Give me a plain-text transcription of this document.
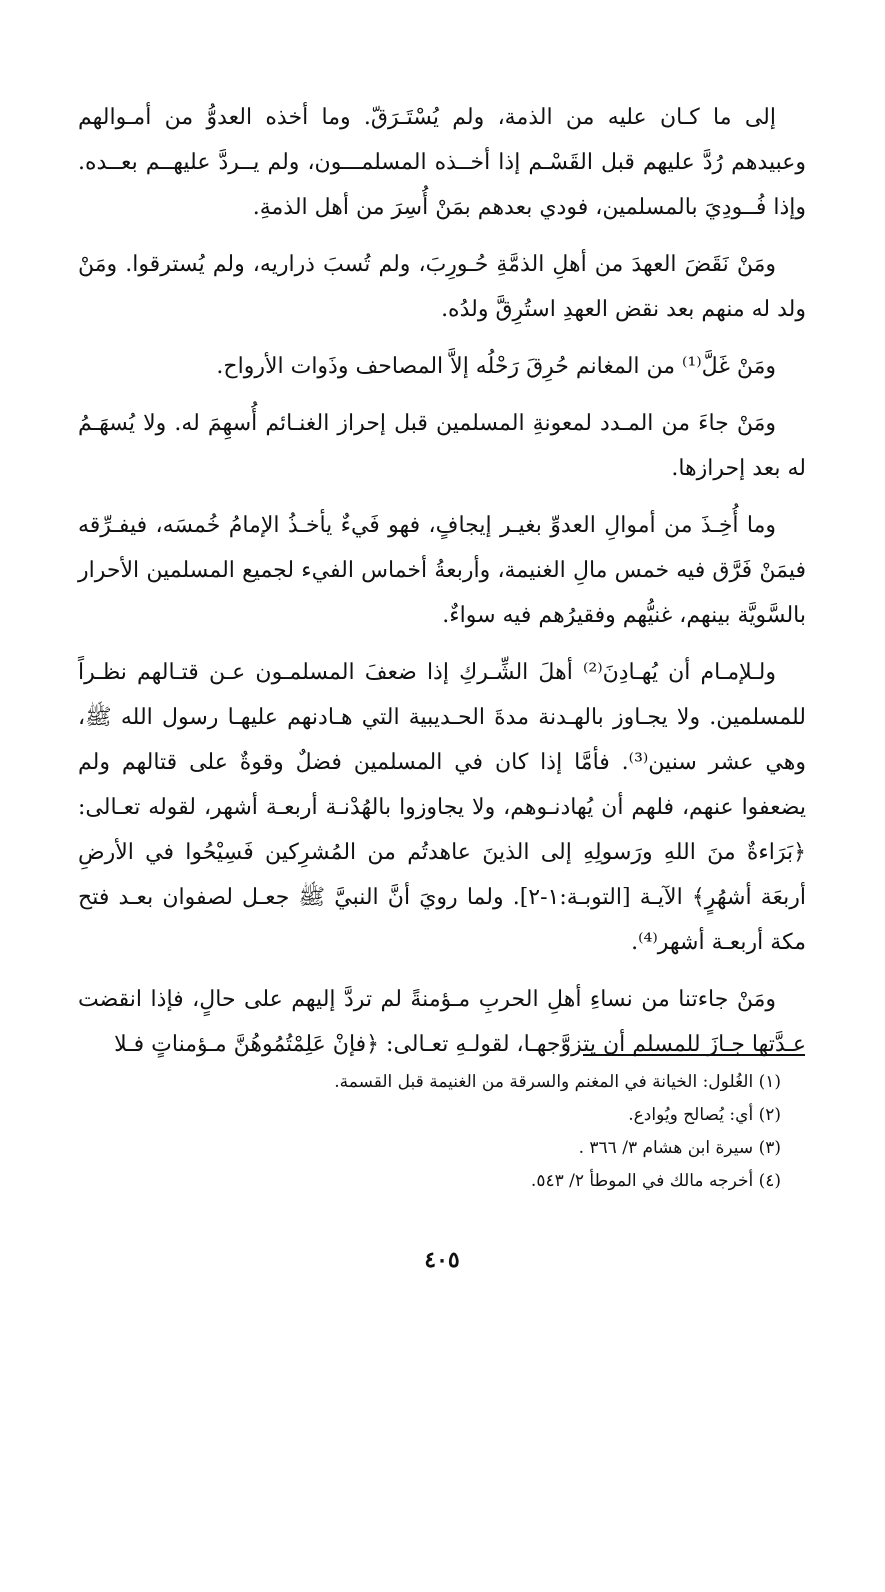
إلى ما كـان عليه من الذمة، ولم يُسْتَـرَقّ. وما أخذه العدوُّ من أمـوالهم وعبيدهم رُدَّ عليهم قبل القَسْـم إذا أخــذه المسلمـــون، ولم يــردَّ عليهــم بعــده. وإذا فُــودِيَ بالمسلمين، فودي بعدهم بمَنْ أُسِرَ من أهل الذمةِ.

ومَنْ نَقَضَ العهدَ من أهلِ الذمَّةِ حُـورِبَ، ولم تُسبَ ذراريه، ولم يُسترقوا. ومَنْ ولد له منهم بعد نقض العهدِ استُرِقَّ ولدُه.

ومَنْ غَلَّ⁽¹⁾ من المغانم حُرِقَ رَحْلُه إلاَّ المصاحف وذَوات الأرواح.

ومَنْ جاءَ من المـدد لمعونةِ المسلمين قبل إحراز الغنـائم أُسهِمَ له. ولا يُسهَـمُ له بعد إحرازها.

وما أُخِـذَ من أموالِ العدوِّ بغيـر إيجافٍ، فهو فَيءٌ يأخـذُ الإمامُ خُمسَه، فيفـرِّقه فيمَنْ فَرَّق فيه خمس مالِ الغنيمة، وأربعةُ أخماس الفيء لجميع المسلمين الأحرار بالسَّويَّة بينهم، غنيُّهم وفقيرُهم فيه سواءٌ.

ولـلإمـام أن يُهـادِنَ⁽²⁾ أهلَ الشِّـركِ إذا ضعفَ المسلمـون عـن قتـالهم نظـراً للمسلمين. ولا يجـاوز بالهـدنة مدةَ الحـديبية التي هـادنهم عليهـا رسول الله ﷺ، وهي عشر سنين⁽³⁾. فأمَّا إذا كان في المسلمين فضلٌ وقوةٌ على قتالهم ولم يضعفوا عنهم، فلهم أن يُهادنـوهم، ولا يجاوزوا بالهُدْنـة أربعـة أشهر، لقوله تعـالى: ﴿بَرَاءةٌ منَ اللهِ ورَسولِهِ إلى الذينَ عاهدتُم من المُشرِكين فَسِيْحُوا في الأرضِ أربعَة أشهُرٍ﴾ الآيـة [التوبـة:١-٢]. ولما رويَ أنَّ النبيَّ ﷺ جعـل لصفوان بعـد فتح مكة أربعـة أشهر⁽⁴⁾.

ومَنْ جاءتنا من نساءِ أهلِ الحربِ مـؤمنةً لم تردَّ إليهم على حالٍ، فإذا انقضت عـدَّتها جـازَ للمسلم أن يتزوَّجهـا، لقولـهِ تعـالى: ﴿فإنْ عَلِمْتُمُوهُنَّ مـؤمناتٍ فـلا

(١) الغُلول: الخيانة في المغنم والسرقة من الغنيمة قبل القسمة.

(٢) أي: يُصالح ويُوادع.

(٣) سيرة ابن هشام ٣/ ٣٦٦ .

(٤) أخرجه مالك في الموطأ ٢/ ٥٤٣.

٤٠٥
